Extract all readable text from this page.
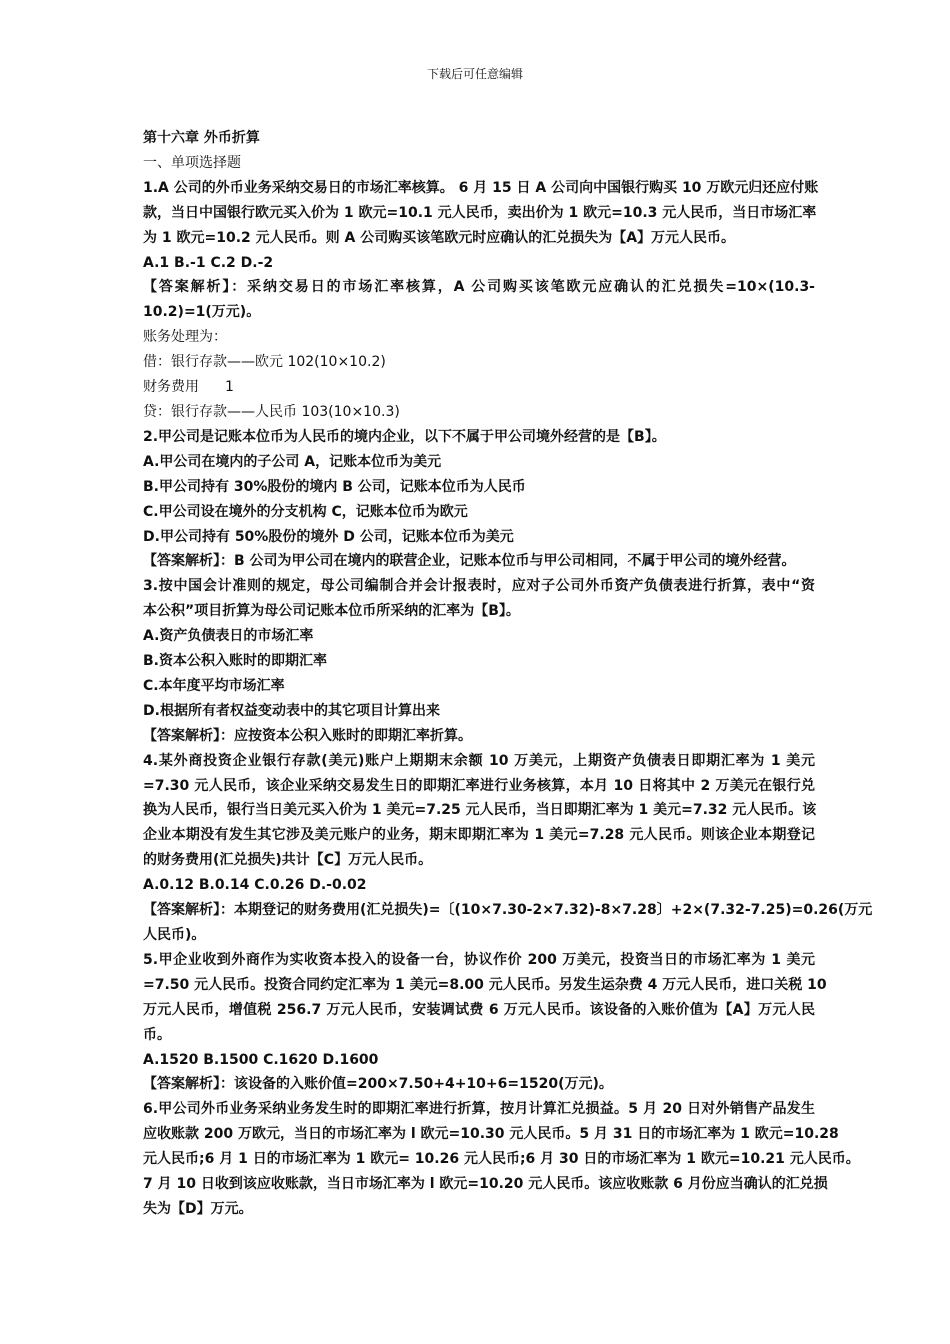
下载后可任意编辑
第十六章 外币折算
一、单项选择题
1.A 公司的外币业务采纳交易日的市场汇率核算。 6 月 15 日 A 公司向中国银行购买 10 万欧元归还应付账
款，当日中国银行欧元买入价为 1 欧元=10.1 元人民币，卖出价为 1 欧元=10.3 元人民币，当日市场汇率
为 1 欧元=10.2 元人民币。则 A 公司购买该笔欧元时应确认的汇兑损失为【A】万元人民币。
A.1 B.-1 C.2 D.-2
【答案解析】：采纳交易日的市场汇率核算，A 公司购买该笔欧元应确认的汇兑损失=10×(10.3-
10.2)=1(万元)。
账务处理为：
借：银行存款——欧元 102(10×10.2)
财务费用 1
贷：银行存款——人民币 103(10×10.3)
2.甲公司是记账本位币为人民币的境内企业，以下不属于甲公司境外经营的是【B】。
A.甲公司在境内的子公司 A，记账本位币为美元
B.甲公司持有 30%股份的境内 B 公司，记账本位币为人民币
C.甲公司设在境外的分支机构 C，记账本位币为欧元
D.甲公司持有 50%股份的境外 D 公司，记账本位币为美元
【答案解析】：B 公司为甲公司在境内的联营企业，记账本位币与甲公司相同，不属于甲公司的境外经营。
3.按中国会计准则的规定，母公司编制合并会计报表时，应对子公司外币资产负债表进行折算，表中“资
本公积”项目折算为母公司记账本位币所采纳的汇率为【B】。
A.资产负债表日的市场汇率
B.资本公积入账时的即期汇率
C.本年度平均市场汇率
D.根据所有者权益变动表中的其它项目计算出来
【答案解析】：应按资本公积入账时的即期汇率折算。
4.某外商投资企业银行存款(美元)账户上期期末余额 10 万美元，上期资产负债表日即期汇率为 1 美元
=7.30 元人民币，该企业采纳交易发生日的即期汇率进行业务核算，本月 10 日将其中 2 万美元在银行兑
换为人民币，银行当日美元买入价为 1 美元=7.25 元人民币，当日即期汇率为 1 美元=7.32 元人民币。该
企业本期没有发生其它涉及美元账户的业务，期末即期汇率为 1 美元=7.28 元人民币。则该企业本期登记
的财务费用(汇兑损失)共计【C】万元人民币。
A.0.12 B.0.14 C.0.26 D.-0.02
【答案解析】：本期登记的财务费用(汇兑损失)=〔(10×7.30-2×7.32)-8×7.28〕+2×(7.32-7.25)=0.26(万元
人民币)。
5.甲企业收到外商作为实收资本投入的设备一台，协议作价 200 万美元，投资当日的市场汇率为 1 美元
=7.50 元人民币。投资合同约定汇率为 1 美元=8.00 元人民币。另发生运杂费 4 万元人民币，进口关税 10
万元人民币，增值税 256.7 万元人民币，安装调试费 6 万元人民币。该设备的入账价值为【A】万元人民
币。
A.1520 B.1500 C.1620 D.1600
【答案解析】：该设备的入账价值=200×7.50+4+10+6=1520(万元)。
6.甲公司外币业务采纳业务发生时的即期汇率进行折算，按月计算汇兑损益。5 月 20 日对外销售产品发生
应收账款 200 万欧元，当日的市场汇率为 l 欧元=10.30 元人民币。5 月 31 日的市场汇率为 1 欧元=10.28
元人民币;6 月 1 日的市场汇率为 1 欧元= 10.26 元人民币;6 月 30 日的市场汇率为 1 欧元=10.21 元人民币。
7 月 10 日收到该应收账款，当日市场汇率为 l 欧元=10.20 元人民币。该应收账款 6 月份应当确认的汇兑损
失为【D】万元。
